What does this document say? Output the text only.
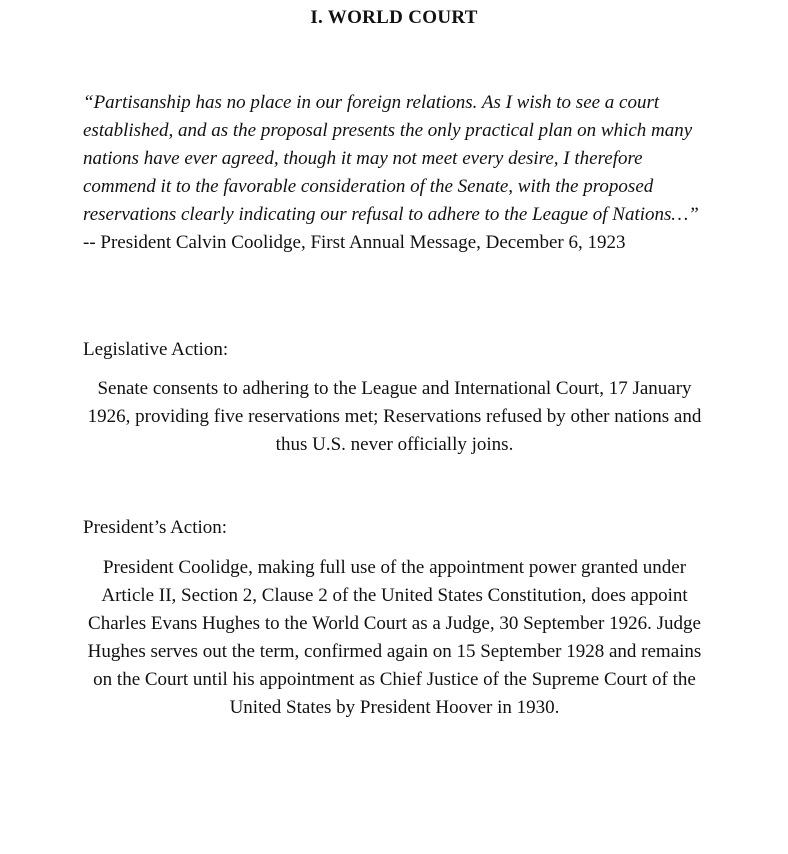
I. WORLD COURT
“Partisanship has no place in our foreign relations. As I wish to see a court established, and as the proposal presents the only practical plan on which many nations have ever agreed, though it may not meet every desire, I therefore commend it to the favorable consideration of the Senate, with the proposed reservations clearly indicating our refusal to adhere to the League of Nations…” -- President Calvin Coolidge, First Annual Message, December 6, 1923
Legislative Action:
Senate consents to adhering to the League and International Court, 17 January 1926, providing five reservations met; Reservations refused by other nations and thus U.S. never officially joins.
President’s Action:
President Coolidge, making full use of the appointment power granted under Article II, Section 2, Clause 2 of the United States Constitution, does appoint Charles Evans Hughes to the World Court as a Judge, 30 September 1926. Judge Hughes serves out the term, confirmed again on 15 September 1928 and remains on the Court until his appointment as Chief Justice of the Supreme Court of the United States by President Hoover in 1930.
